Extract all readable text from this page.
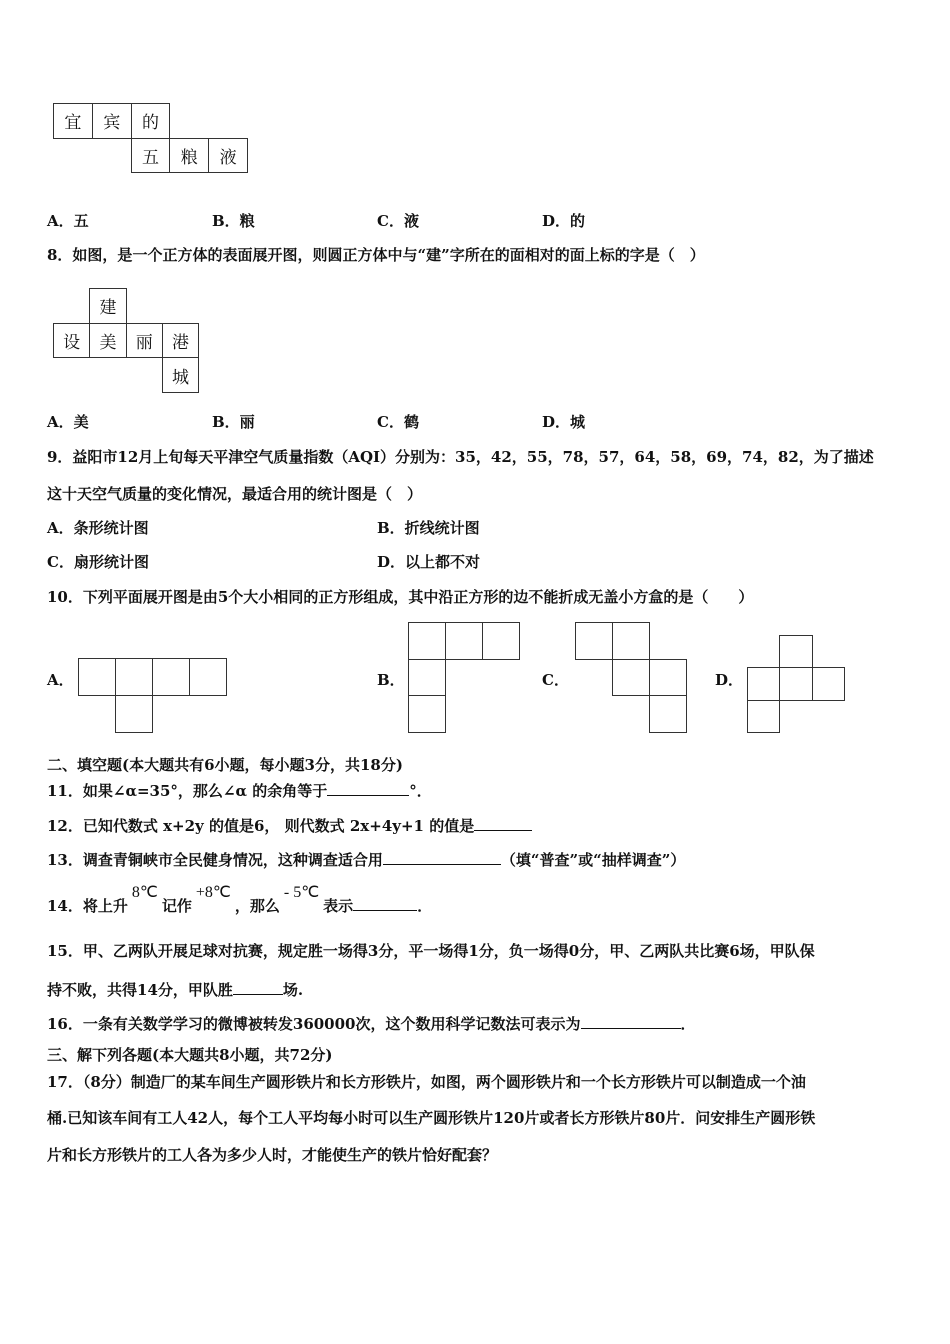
宜	宾	的
五	粮	液
A．五	B．粮	C．液	D．的
8．如图，是一个正方体的表面展开图，则圆正方体中与“建”字所在的面相对的面上标的字是（　）
建
设	美	丽	港
城
A．美	B．丽	C．鹤	D．城
9．益阳市12月上旬每天平津空气质量指数（AQI）分别为：35，42，55，78，57，64，58，69，74，82，为了描述
这十天空气质量的变化情况，最适合用的统计图是（　）
A．条形统计图	B．折线统计图
C．扇形统计图	D．以上都不对
10．下列平面展开图是由5个大小相同的正方形组成，其中沿正方形的边不能折成无盖小方盒的是（　　）
A．	B．	C．	D．
二、填空题(本大题共有6小题，每小题3分，共18分)
11．如果∠α=35°，那么∠α 的余角等于	°．
12．已知代数式 x+2y 的值是6， 则代数式 2x+4y+1 的值是
13．调查青铜峡市全民健身情况，这种调查适合用	（填“普查”或“抽样调查”）
14．将上升8℃记作+8℃，那么- 5℃表示	．
15．甲、乙两队开展足球对抗赛，规定胜一场得3分，平一场得1分，负一场得0分，甲、乙两队共比赛6场，甲队保
持不败，共得14分，甲队胜	场.
16．一条有关数学学习的微博被转发360000次，这个数用科学记数法可表示为	．
三、解下列各题(本大题共8小题，共72分)
17．（8分）制造厂的某车间生产圆形铁片和长方形铁片，如图，两个圆形铁片和一个长方形铁片可以制造成一个油
桶.已知该车间有工人42人，每个工人平均每小时可以生产圆形铁片120片或者长方形铁片80片．问安排生产圆形铁
片和长方形铁片的工人各为多少人时，才能使生产的铁片恰好配套？
